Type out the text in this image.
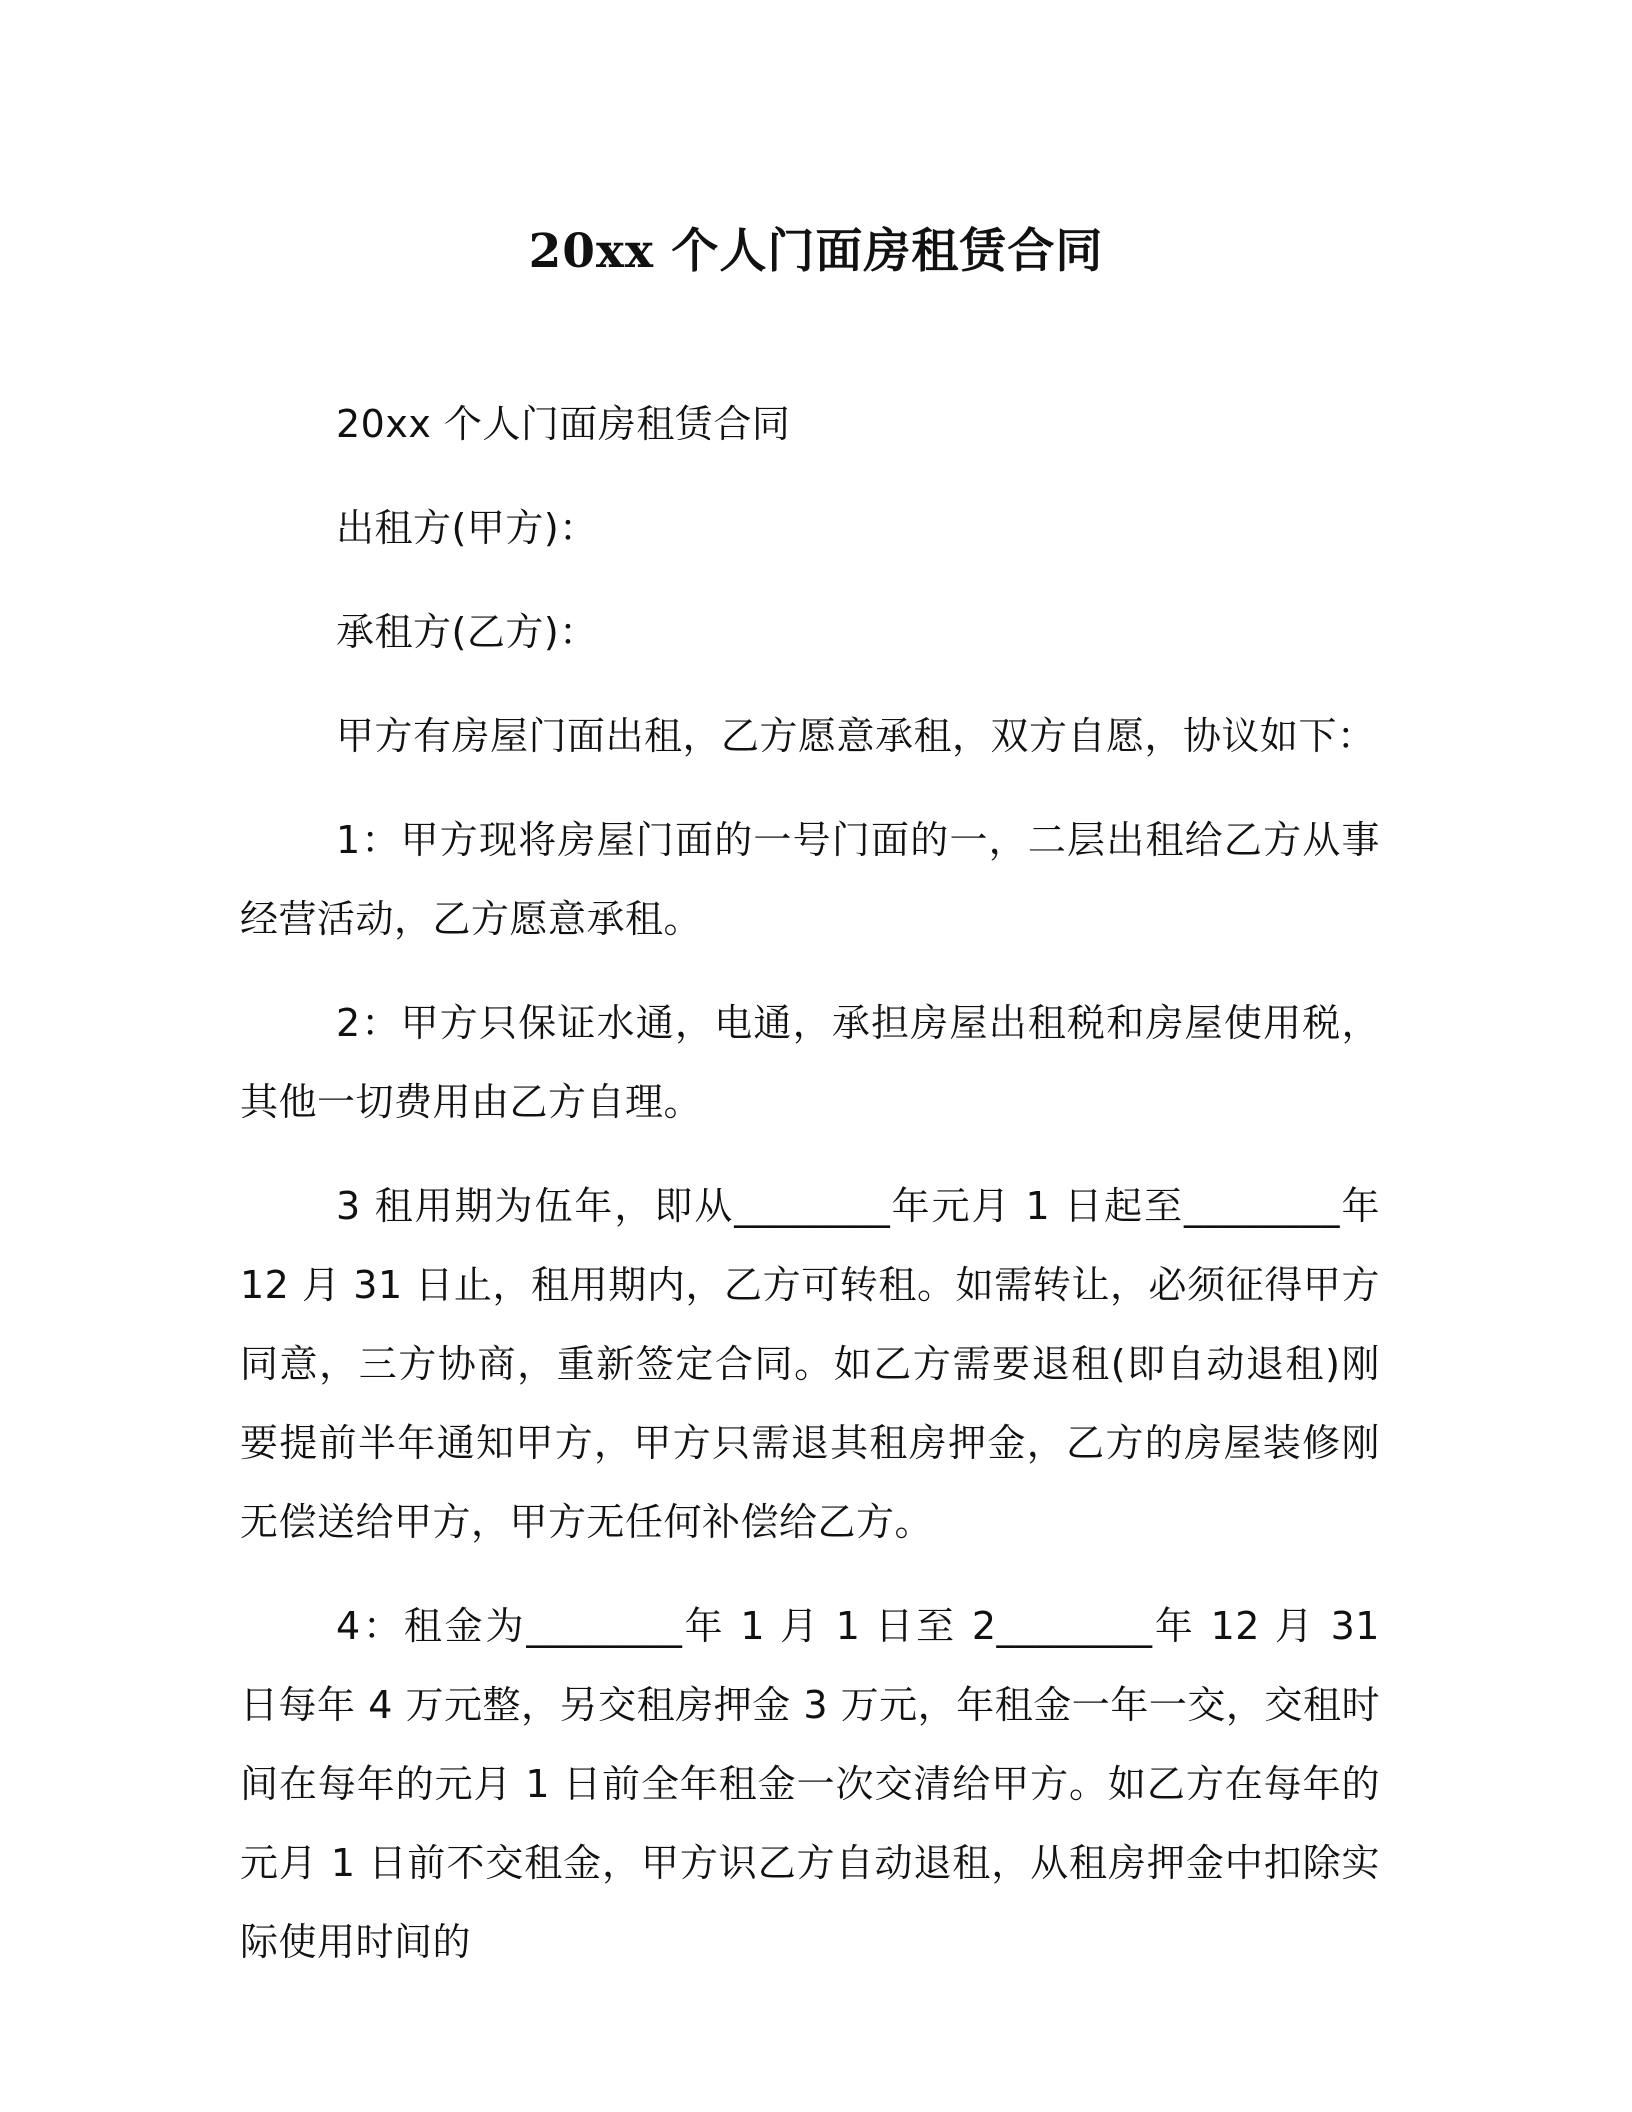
20xx 个人门面房租赁合同

20xx 个人门面房租赁合同

出租方(甲方)：

承租方(乙方)：

甲方有房屋门面出租，乙方愿意承租，双方自愿，协议如下：

1：甲方现将房屋门面的一号门面的一，二层出租给乙方从事经营活动，乙方愿意承租。

2：甲方只保证水通，电通，承担房屋出租税和房屋使用税，其他一切费用由乙方自理。

3 租用期为伍年，即从________年元月 1 日起至________年 12 月 31 日止，租用期内，乙方可转租。如需转让，必须征得甲方同意，三方协商，重新签定合同。如乙方需要退租(即自动退租)刚要提前半年通知甲方，甲方只需退其租房押金，乙方的房屋装修刚无偿送给甲方，甲方无任何补偿给乙方。

4：租金为________年 1 月 1 日至 2________年 12 月 31 日每年 4 万元整，另交租房押金 3 万元，年租金一年一交，交租时间在每年的元月 1 日前全年租金一次交清给甲方。如乙方在每年的元月 1 日前不交租金，甲方识乙方自动退租，从租房押金中扣除实际使用时间的
